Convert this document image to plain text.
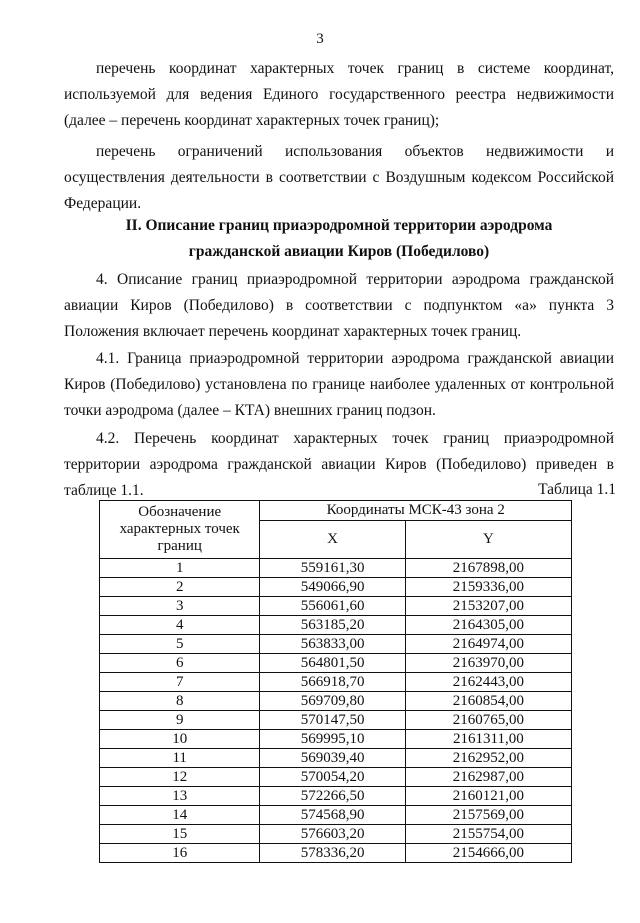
3

перечень координат характерных точек границ в системе координат, используемой для ведения Единого государственного реестра недвижимости (далее – перечень координат характерных точек границ);

перечень ограничений использования объектов недвижимости и осуществления деятельности в соответствии с Воздушным кодексом Российской Федерации.

II. Описание границ приаэродромной территории аэродрома
гражданской авиации Киров (Победилово)

4. Описание границ приаэродромной территории аэродрома гражданской авиации Киров (Победилово) в соответствии с подпунктом «а» пункта 3 Положения включает перечень координат характерных точек границ.

4.1. Граница приаэродромной территории аэродрома гражданской авиации Киров (Победилово) установлена по границе наиболее удаленных от контрольной точки аэродрома (далее – КТА) внешних границ подзон.

4.2. Перечень координат характерных точек границ приаэродромной территории аэродрома гражданской авиации Киров (Победилово) приведен в таблице 1.1.	Таблица 1.1
Обозначение характерных точек границ	Координаты МСК-43 зона 2	
	X	Y
1	559161,30	2167898,00
2	549066,90	2159336,00
3	556061,60	2153207,00
4	563185,20	2164305,00
5	563833,00	2164974,00
6	564801,50	2163970,00
7	566918,70	2162443,00
8	569709,80	2160854,00
9	570147,50	2160765,00
10	569995,10	2161311,00
11	569039,40	2162952,00
12	570054,20	2162987,00
13	572266,50	2160121,00
14	574568,90	2157569,00
15	576603,20	2155754,00
16	578336,20	2154666,00
